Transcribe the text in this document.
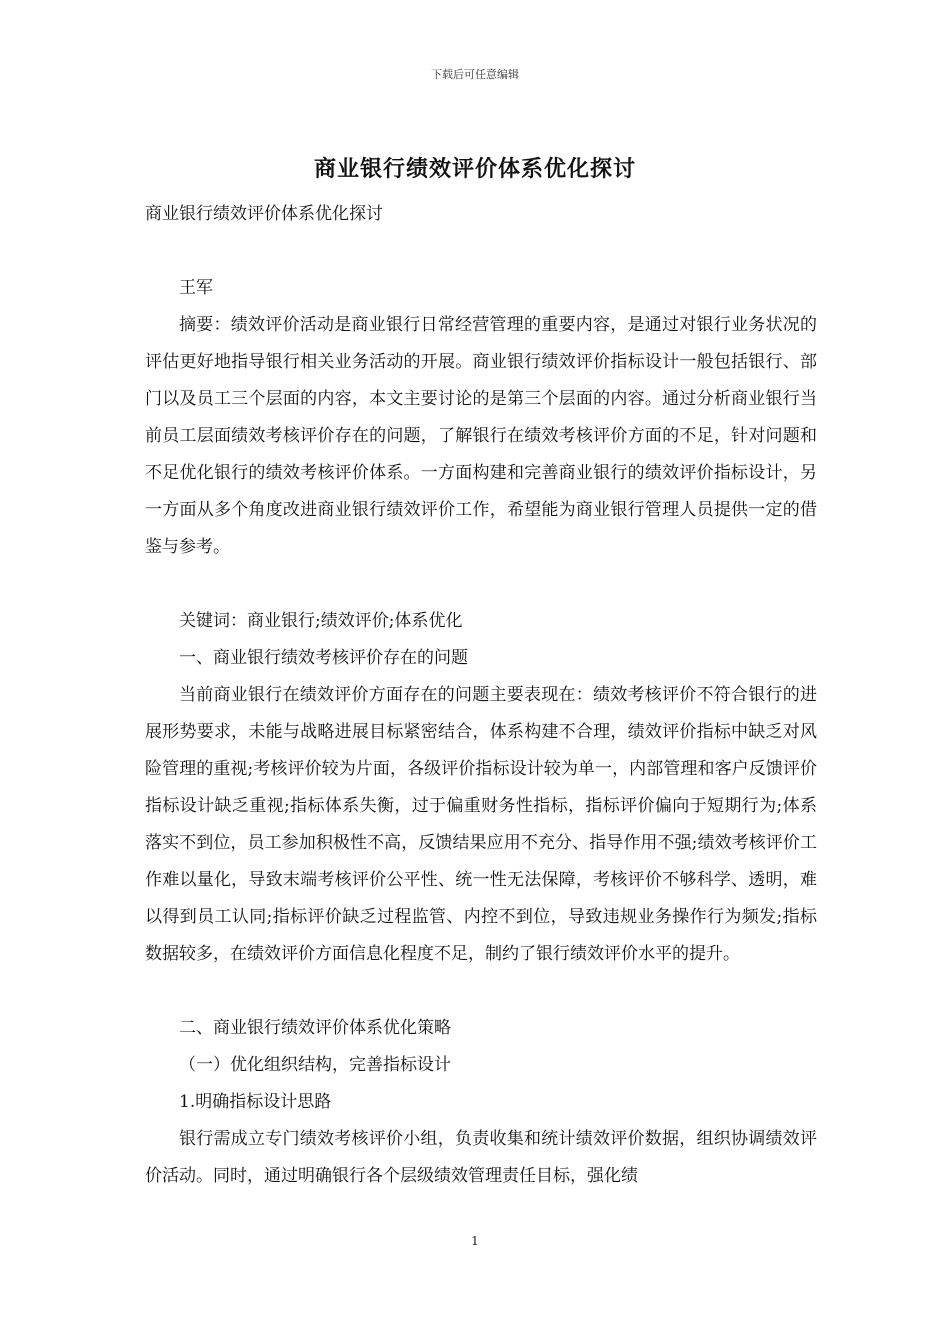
下载后可任意编辑
商业银行绩效评价体系优化探讨

商业银行绩效评价体系优化探讨

王军

摘要：绩效评价活动是商业银行日常经营管理的重要内容，是通过对银行业务状况的评估更好地指导银行相关业务活动的开展。商业银行绩效评价指标设计一般包括银行、部门以及员工三个层面的内容，本文主要讨论的是第三个层面的内容。通过分析商业银行当前员工层面绩效考核评价存在的问题，了解银行在绩效考核评价方面的不足，针对问题和不足优化银行的绩效考核评价体系。一方面构建和完善商业银行的绩效评价指标设计，另一方面从多个角度改进商业银行绩效评价工作，希望能为商业银行管理人员提供一定的借鉴与参考。

关键词：商业银行;绩效评价;体系优化

一、商业银行绩效考核评价存在的问题

当前商业银行在绩效评价方面存在的问题主要表现在：绩效考核评价不符合银行的进展形势要求，未能与战略进展目标紧密结合，体系构建不合理，绩效评价指标中缺乏对风险管理的重视;考核评价较为片面，各级评价指标设计较为单一，内部管理和客户反馈评价指标设计缺乏重视;指标体系失衡，过于偏重财务性指标，指标评价偏向于短期行为;体系落实不到位，员工参加积极性不高，反馈结果应用不充分、指导作用不强;绩效考核评价工作难以量化，导致末端考核评价公平性、统一性无法保障，考核评价不够科学、透明，难以得到员工认同;指标评价缺乏过程监管、内控不到位，导致违规业务操作行为频发;指标数据较多，在绩效评价方面信息化程度不足，制约了银行绩效评价水平的提升。

二、商业银行绩效评价体系优化策略

（一）优化组织结构，完善指标设计

1.明确指标设计思路

银行需成立专门绩效考核评价小组，负责收集和统计绩效评价数据，组织协调绩效评价活动。同时，通过明确银行各个层级绩效管理责任目标，强化绩

1
